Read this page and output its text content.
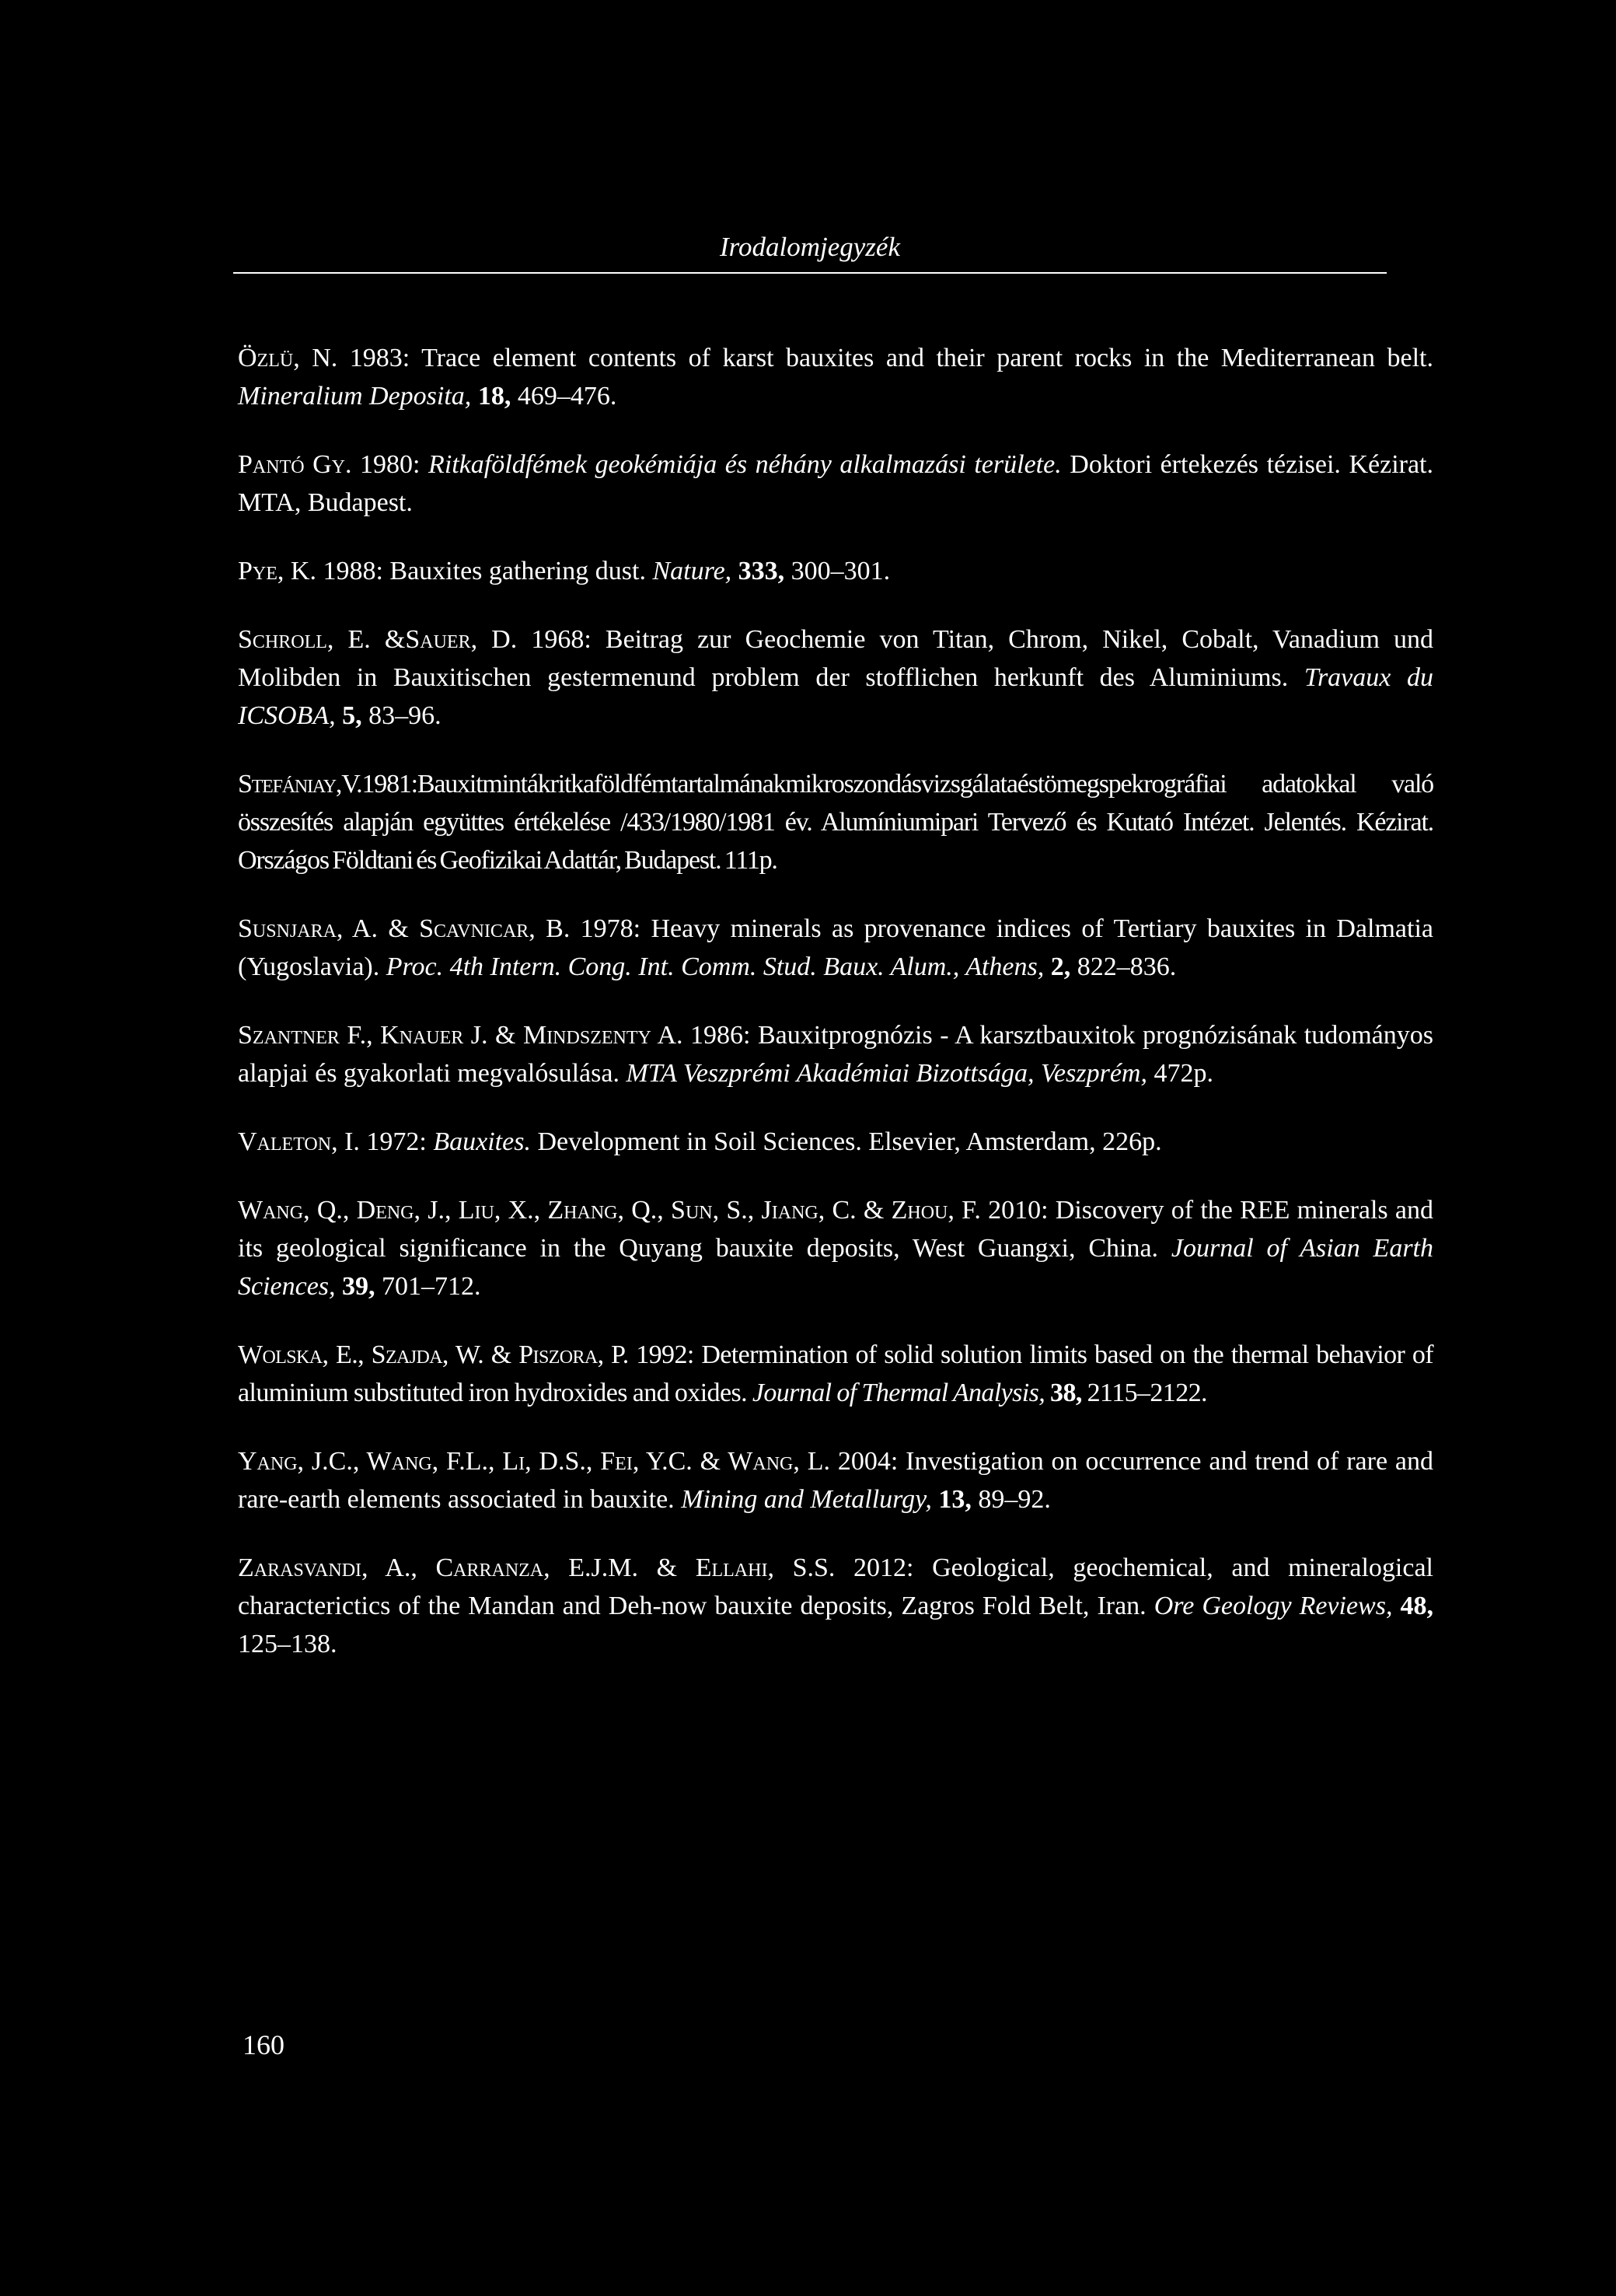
Irodalomjegyzék

Özlü, N. 1983: Trace element contents of karst bauxites and their parent rocks in the Mediterranean belt. Mineralium Deposita, 18, 469–476.

Pantó Gy. 1980: Ritkaföldfémek geokémiája és néhány alkalmazási területe. Doktori értekezés tézisei. Kézirat. MTA, Budapest.

Pye, K. 1988: Bauxites gathering dust. Nature, 333, 300–301.

Schroll, E. &Sauer, D. 1968: Beitrag zur Geochemie von Titan, Chrom, Nikel, Cobalt, Vanadium und Molibden in Bauxitischen gestermenund problem der stofflichen herkunft des Aluminiums. Travaux du ICSOBA, 5, 83–96.

Stefániay,V.1981:Bauxitmintákritkaföldfémtartalmánakmikroszondásvizsgálataéstömegspekrográfiai adatokkal való összesítés alapján együttes értékelése /433/1980/1981 év. Alumíniumipari Tervező és Kutató Intézet. Jelentés. Kézirat. Országos Földtani és Geofizikai Adattár, Budapest. 111p.

Susnjara, A. & Scavnicar, B. 1978: Heavy minerals as provenance indices of Tertiary bauxites in Dalmatia (Yugoslavia). Proc. 4th Intern. Cong. Int. Comm. Stud. Baux. Alum., Athens, 2, 822–836.

Szantner F., Knauer J. & Mindszenty A. 1986: Bauxitprognózis - A karsztbauxitok prognózisának tudományos alapjai és gyakorlati megvalósulása. MTA Veszprémi Akadémiai Bizottsága, Veszprém, 472p.

Valeton, I. 1972: Bauxites. Development in Soil Sciences. Elsevier, Amsterdam, 226p.

Wang, Q., Deng, J., Liu, X., Zhang, Q., Sun, S., Jiang, C. & Zhou, F. 2010: Discovery of the REE minerals and its geological significance in the Quyang bauxite deposits, West Guangxi, China. Journal of Asian Earth Sciences, 39, 701–712.

Wolska, E., Szajda, W. & Piszora, P. 1992: Determination of solid solution limits based on the thermal behavior of aluminium substituted iron hydroxides and oxides. Journal of Thermal Analysis, 38, 2115–2122.

Yang, J.C., Wang, F.L., Li, D.S., Fei, Y.C. & Wang, L. 2004: Investigation on occurrence and trend of rare and rare-earth elements associated in bauxite. Mining and Metallurgy, 13, 89–92.

Zarasvandi, A., Carranza, E.J.M. & Ellahi, S.S. 2012: Geological, geochemical, and mineralogical characterictics of the Mandan and Deh-now bauxite deposits, Zagros Fold Belt, Iran. Ore Geology Reviews, 48, 125–138.

160
